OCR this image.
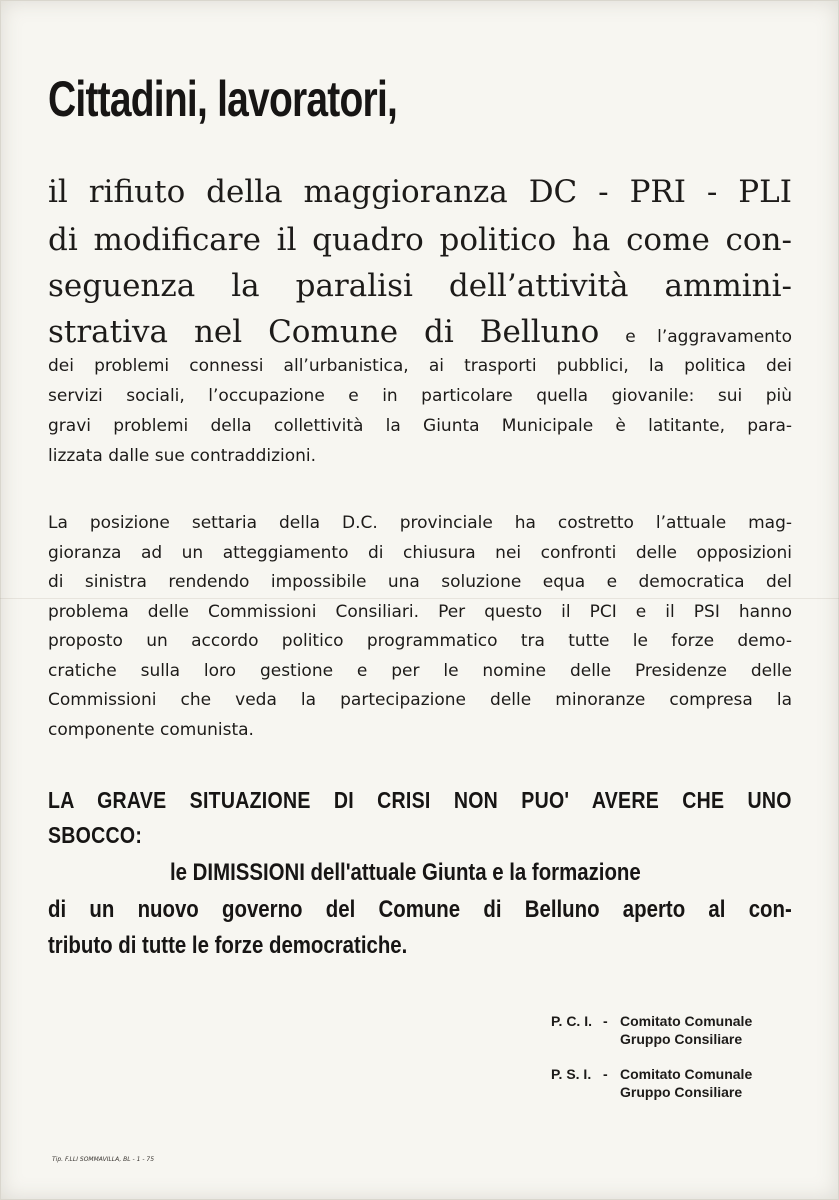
Cittadini, lavoratori,
il rifiuto della maggioranza DC - PRI - PLI
di modificare il quadro politico ha come con-
seguenza la paralisi dell’attività ammini-
strativa nel Comune di Belluno e l’aggravamento
dei problemi connessi all’urbanistica, ai trasporti pubblici, la politica dei
servizi sociali, l’occupazione e in particolare quella giovanile: sui più
gravi problemi della collettività la Giunta Municipale è latitante, para-
lizzata dalle sue contraddizioni.
La posizione settaria della D.C. provinciale ha costretto l’attuale mag-
gioranza ad un atteggiamento di chiusura nei confronti delle opposizioni
di sinistra rendendo impossibile una soluzione equa e democratica del
problema delle Commissioni Consiliari. Per questo il PCI e il PSI hanno
proposto un accordo politico programmatico tra tutte le forze demo-
cratiche sulla loro gestione e per le nomine delle Presidenze delle
Commissioni che veda la partecipazione delle minoranze compresa la
componente comunista.
LA GRAVE SITUAZIONE DI CRISI NON PUO' AVERE CHE UNO
SBOCCO:
le DIMISSIONI dell'attuale Giunta e la formazione
di un nuovo governo del Comune di Belluno aperto al con-
tributo di tutte le forze democratiche.
P. C. I. - Comitato Comunale
Gruppo Consiliare
P. S. I. - Comitato Comunale
Gruppo Consiliare
Tip. F.LLI SOMMAVILLA, BL - 1 - 75
